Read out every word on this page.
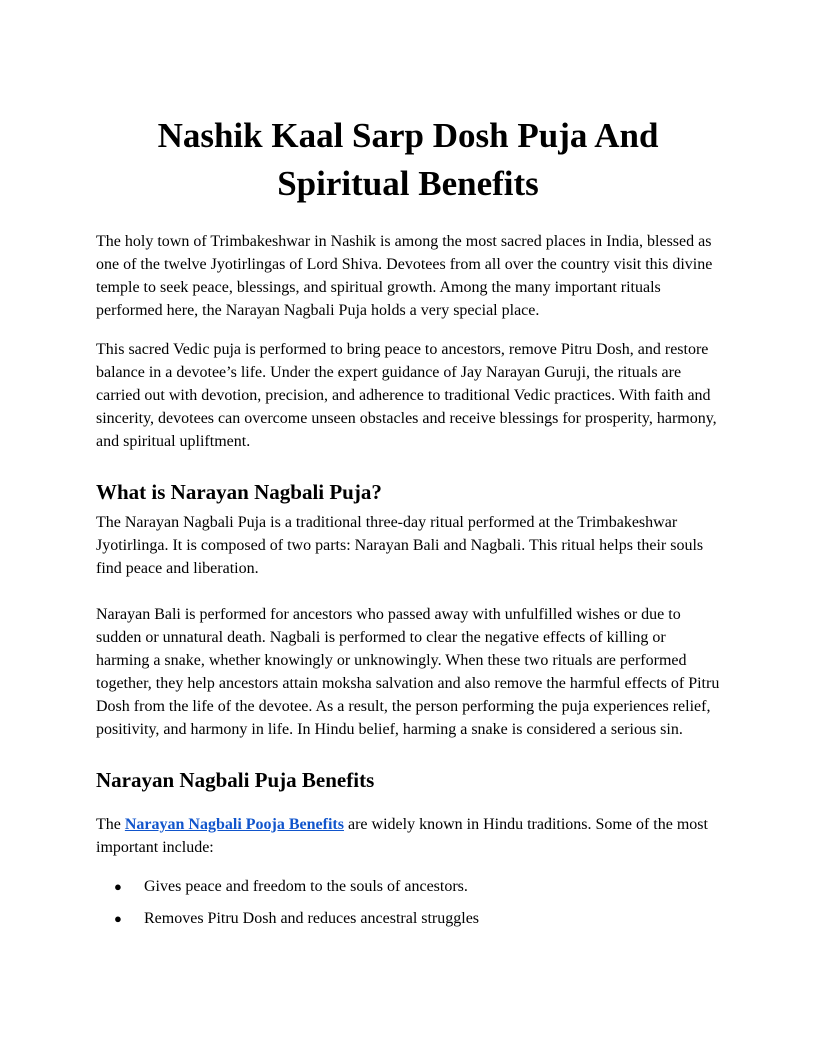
Nashik Kaal Sarp Dosh Puja And
Spiritual Benefits

The holy town of Trimbakeshwar in Nashik is among the most sacred places in India, blessed as one of the twelve Jyotirlingas of Lord Shiva. Devotees from all over the country visit this divine temple to seek peace, blessings, and spiritual growth. Among the many important rituals performed here, the Narayan Nagbali Puja holds a very special place.

This sacred Vedic puja is performed to bring peace to ancestors, remove Pitru Dosh, and restore balance in a devotee’s life. Under the expert guidance of Jay Narayan Guruji, the rituals are carried out with devotion, precision, and adherence to traditional Vedic practices. With faith and sincerity, devotees can overcome unseen obstacles and receive blessings for prosperity, harmony, and spiritual upliftment.

What is Narayan Nagbali Puja?

The Narayan Nagbali Puja is a traditional three-day ritual performed at the Trimbakeshwar Jyotirlinga. It is composed of two parts: Narayan Bali and Nagbali. This ritual helps their souls find peace and liberation.

Narayan Bali is performed for ancestors who passed away with unfulfilled wishes or due to sudden or unnatural death. Nagbali is performed to clear the negative effects of killing or harming a snake, whether knowingly or unknowingly. When these two rituals are performed together, they help ancestors attain moksha salvation and also remove the harmful effects of Pitru Dosh from the life of the devotee. As a result, the person performing the puja experiences relief, positivity, and harmony in life. In Hindu belief, harming a snake is considered a serious sin.

Narayan Nagbali Puja Benefits

The Narayan Nagbali Pooja Benefits are widely known in Hindu traditions. Some of the most important include:

● Gives peace and freedom to the souls of ancestors.
● Removes Pitru Dosh and reduces ancestral struggles
